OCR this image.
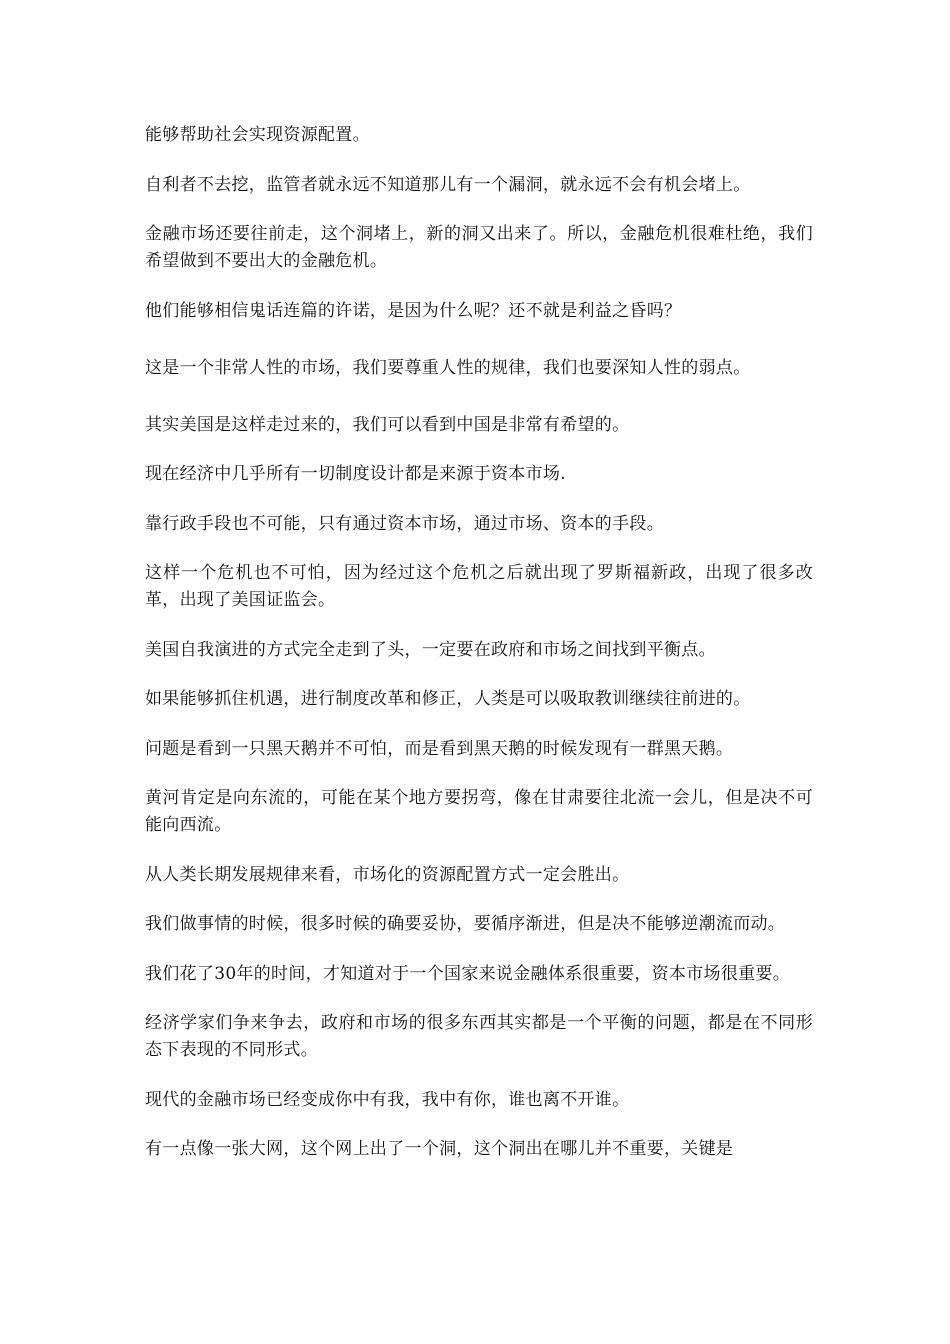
能够帮助社会实现资源配置。

自利者不去挖，监管者就永远不知道那儿有一个漏洞，就永远不会有机会堵上。

金融市场还要往前走，这个洞堵上，新的洞又出来了。所以，金融危机很难杜绝，我们希望做到不要出大的金融危机。

他们能够相信鬼话连篇的许诺，是因为什么呢？还不就是利益之昏吗？

这是一个非常人性的市场，我们要尊重人性的规律，我们也要深知人性的弱点。

其实美国是这样走过来的，我们可以看到中国是非常有希望的。

现在经济中几乎所有一切制度设计都是来源于资本市场.

靠行政手段也不可能，只有通过资本市场，通过市场、资本的手段。

这样一个危机也不可怕，因为经过这个危机之后就出现了罗斯福新政，出现了很多改革，出现了美国证监会。

美国自我演进的方式完全走到了头，一定要在政府和市场之间找到平衡点。

如果能够抓住机遇，进行制度改革和修正，人类是可以吸取教训继续往前进的。

问题是看到一只黑天鹅并不可怕，而是看到黑天鹅的时候发现有一群黑天鹅。

黄河肯定是向东流的，可能在某个地方要拐弯，像在甘肃要往北流一会儿，但是决不可能向西流。

从人类长期发展规律来看，市场化的资源配置方式一定会胜出。

我们做事情的时候，很多时候的确要妥协，要循序渐进，但是决不能够逆潮流而动。

我们花了30年的时间，才知道对于一个国家来说金融体系很重要，资本市场很重要。

经济学家们争来争去，政府和市场的很多东西其实都是一个平衡的问题，都是在不同形态下表现的不同形式。

现代的金融市场已经变成你中有我，我中有你，谁也离不开谁。

有一点像一张大网，这个网上出了一个洞，这个洞出在哪儿并不重要，关键是
